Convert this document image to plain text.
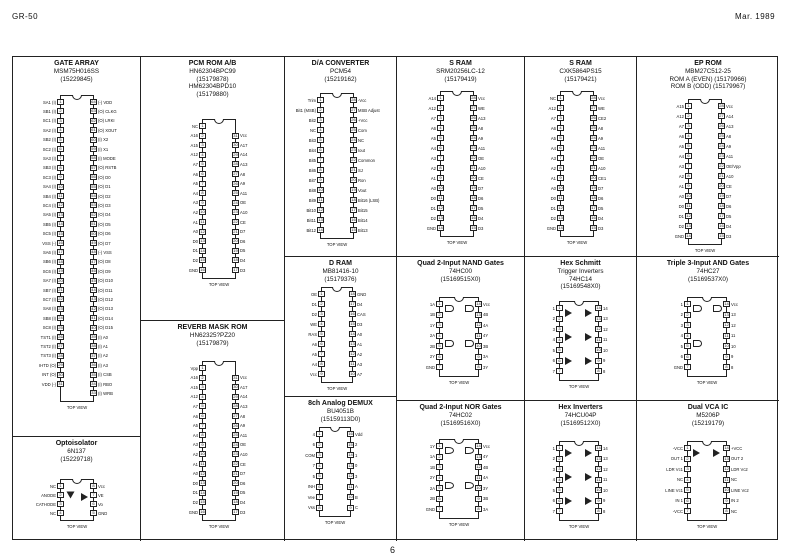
GR-50	Mar. 1989
GATE ARRAY
MSM75H016SS
(15229845)
SA1 (I) 1
SB1 (I) 2
SC1 (I) 3
SA2 (I) 4
SB2 (I) 5
SC2 (I) 6
SA3 (I) 7
SB3 (I) 8
SC3 (I) 9
SA4 (I) 10
SB4 (I) 11
SC4 (I) 12
SA5 (I) 13
SB5 (I) 14
SC5 (I) 15
VSS (-) 16
SA6 (I) 17
SB6 (I) 18
SC6 (I) 19
SA7 (I) 20
SB7 (I) 21
SC7 (I) 22
SA8 (I) 23
SB8 (I) 24
SC8 (I) 25
TST1 (I) 26
TST2 (I) 27
TST3 (I) 28
IHTD (O) 29
INT (O) 30
VDD (-) 31
(-) VDD
64
(O) CLKG
63
(O) LRKI
62
(O) XOUT
61
(I) X2
60
(I) X1
59
(I) MODE
58
(O) RSTB
57
(O) D0
56
(O) D1
55
(O) D2
54
(O) D3
53
(O) D4
52
(O) D5
51
(O) D6
50
(O) D7
49
(-) VSS
48
(O) D8
47
(O) D9
46
(O) D10
45
(O) D11
44
(O) D12
43
(O) D13
42
(O) D14
41
(O) D15
40
(I) A0
39
(I) A1
38
(I) A2
37
(I) A3
36
(I) CSB
35
(I) RBO
34
(I) WRB
33
TOP VIEW
Optoisolator
6N137
(15229718)
NC 1
ANODE 2
CATHODE 3
NC 4
Vcc
8
VE
7
Vo
6
GND
5
TOP VIEW
PCM ROM A/B
HN62304BPC99
(15179878)
HM62304BPD10
(15179880)
NC 1
A16 2
A15 3
A12 4
A7 5
A6 6
A5 7
A4 8
A3 9
A2 10
A1 11
A0 12
D0 13
D1 14
D2 15
GND 16
Vcc
31
A17
30
A14
29
A13
28
A8
27
A9
26
A11
25
OE
24
A10
23
CE
22
D7
21
D6
20
D5
19
D4
18
D3
17
TOP VIEW
REVERB MASK ROM
HN62325?PZ20
(15179879)
Vpp 1
A16 2
A15 3
A12 4
A7 5
A6 6
A5 7
A4 8
A3 9
A2 10
A1 11
A0 12
D0 13
D1 14
D2 15
GND 16
Vcc
31
A17
30
A14
29
A13
28
A8
27
A9
26
A11
25
OE
24
A10
23
CE
22
D7
21
D6
20
D5
19
D4
18
D3
17
TOP VIEW
D/A CONVERTER
PCM54
(15219162)
Trim 1
Bit1 (MSB) 2
Bit2 3
NC 4
Bit3 5
Bit4 6
Bit5 7
Bit6 8
Bit7 9
Bit8 10
Bit9 11
Bit10 12
Bit11 13
Bit12 14
-Vcc
28
MSB Adjust
27
+Vcc
26
Com
25
NC
24
Iout
23
Common
22
SJ
21
Ron
20
Vout
19
Bit16 (LSB)
18
Bit15
17
Bit14
16
Bit13
15
TOP VIEW
D RAM
MB81416-10
(15179376)
OE 1
D1 2
D2 3
WE 4
RAS 5
A6 6
A5 7
A4 8
Vcc 9
GND
18
D4
17
CAS
16
D3
15
A0
14
A1
13
A2
12
A3
11
A7
10
TOP VIEW
8ch Analog DEMUX
BU4051B
(15159113D0)
4 1
6 2
COM 3
7 4
5 5
INH 6
Vee 7
Vss 8
Vdd
16
2
15
1
14
0
13
3
12
A
11
B
10
C
9
TOP VIEW
S RAM
SRM20256LC-12
(15179419)
A14 1
A12 2
A7 3
A6 4
A5 5
A4 6
A3 7
A2 8
A1 9
A0 10
D0 11
D1 12
D2 13
GND 14
Vcc
28
WE
27
A13
26
A8
25
A9
24
A11
23
OE
22
A10
21
CE
20
D7
19
D6
18
D5
17
D4
16
D3
15
TOP VIEW
Quad 2-Input NAND Gates
74HC00
(15169515X0)
1A 1
1B 2
1Y 3
2A 4
2B 5
2Y 6
GND 7
Vcc
14
4B
13
4A
12
4Y
11
3B
10
3A
9
3Y
8
TOP VIEW
Quad 2-Input NOR Gates
74HC02
(15169516X0)
1Y 1
1A 2
1B 3
2Y 4
2A 5
2B 6
GND 7
Vcc
14
4Y
13
4B
12
4A
11
3Y
10
3B
9
3A
8
TOP VIEW
S RAM
CXK5864PS15
(15179421)
NC 1
A12 2
A7 3
A6 4
A5 5
A4 6
A3 7
A2 8
A1 9
A0 10
D0 11
D1 12
D2 13
GND 14
Vcc
28
WE
27
CE2
26
A8
25
A9
24
A11
23
OE
22
A10
21
CE1
20
D7
19
D6
18
D5
17
D4
16
D3
15
TOP VIEW
Hex Schmitt
Trigger Inverters
74HC14
(15169548X0)
1 1
2 2
3 3
4 4
5 5
6 6
7 7
14
14
13
13
12
12
11
11
10
10
9
9
8
8
TOP VIEW
Hex Inverters
74HCU04P
(15169512X0)
1 1
2 2
3 3
4 4
5 5
6 6
7 7
14
14
13
13
12
12
11
11
10
10
9
9
8
8
TOP VIEW
EP ROM
MBM27C512-25
ROM A (EVEN) (15179966)
ROM B (ODD) (15179967)
A15 1
A12 2
A7 3
A6 4
A5 5
A4 6
A3 7
A2 8
A1 9
A0 10
D0 11
D1 12
D2 13
GND 14
Vcc
28
A14
27
A13
26
A8
25
A9
24
A11
23
OE/Vpp
22
A10
21
CE
20
D7
19
D6
18
D5
17
D4
16
D3
15
TOP VIEW
Triple 3-Input AND Gates
74HC27
(15169537X0)
1 1
2 2
3 3
4 4
5 5
6 6
GND 7
Vcc
14
13
13
12
12
11
11
10
10
9
9
8
8
TOP VIEW
Dual VCA IC
M5206P
(15219179)
-VCC 1
OUT 1 2
LDR Vc1 3
NC 4
LINE Vc1 5
IN 1 6
-VCC 7
+VCC
14
OUT 2
13
LDR Vc2
12
NC
11
LINE Vc2
10
IN 2
9
NC
8
TOP VIEW
6
